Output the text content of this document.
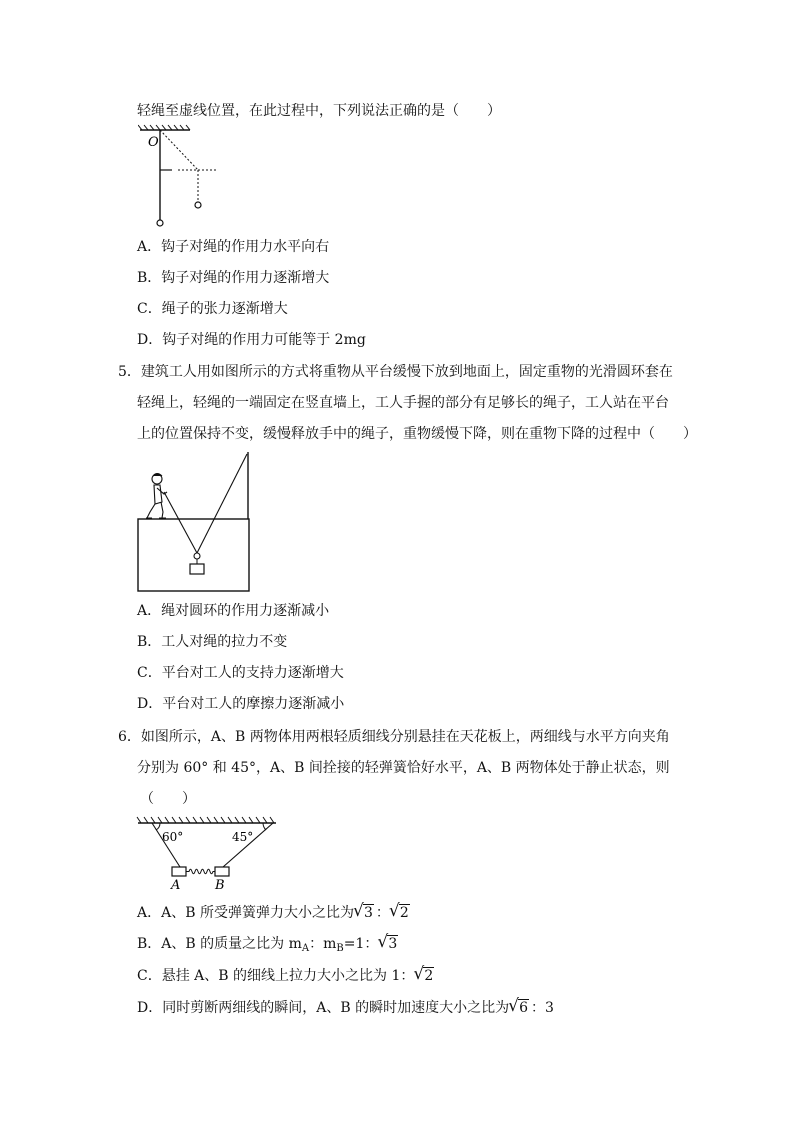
轻绳至虚线位置，在此过程中，下列说法正确的是（　　）
O
A．钩子对绳的作用力水平向右
B．钩子对绳的作用力逐渐增大
C．绳子的张力逐渐增大
D．钩子对绳的作用力可能等于 2mg
5．建筑工人用如图所示的方式将重物从平台缓慢下放到地面上，固定重物的光滑圆环套在
轻绳上，轻绳的一端固定在竖直墙上，工人手握的部分有足够长的绳子，工人站在平台
上的位置保持不变，缓慢释放手中的绳子，重物缓慢下降，则在重物下降的过程中（　　）
A．绳对圆环的作用力逐渐减小
B．工人对绳的拉力不变
C．平台对工人的支持力逐渐增大
D．平台对工人的摩擦力逐渐减小
6．如图所示，A、B 两物体用两根轻质细线分别悬挂在天花板上，两细线与水平方向夹角
分别为 60° 和 45°，A、B 间拴接的轻弹簧恰好水平，A、B 两物体处于静止状态，则
（　　）
60°	45°
A	B
A．A、B 所受弹簧弹力大小之比为 √ 3 ： √ 2
B．A、B 的质量之比为 $m_A$：$m_B=1$： √ 3
C．悬挂 A、B 的细线上拉力大小之比为 1： √ 2
D．同时剪断两细线的瞬间，A、B 的瞬时加速度大小之比为 √ 6 ：3
